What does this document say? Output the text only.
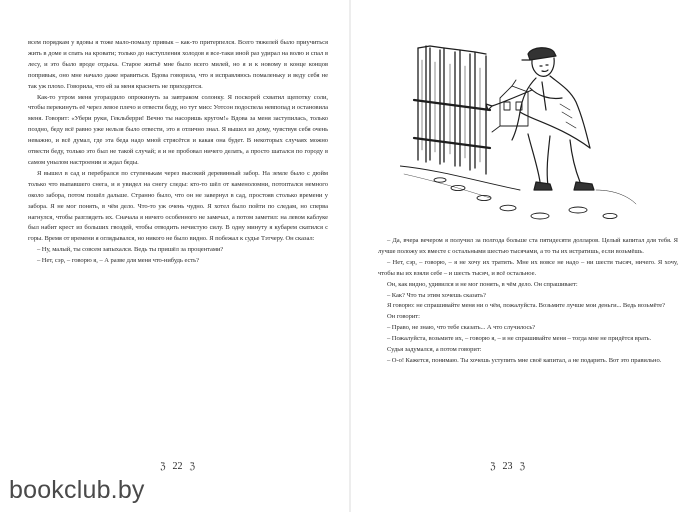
всем порядкам у вдовы я тоже мало-помалу привык – как-то притерпелся. Всего тяжелей было приучиться жить в доме и спать на кровати; только до наступления холодов я все-таки иной раз удирал на волю и спал в лесу, и это было вроде отдыха. Старое житьё мне было всего милей, но я и к новому в конце концов попривык, оно мне начало даже нравиться. Вдова говорила, что я исправляюсь помаленьку и веду себя не так уж плохо. Говорила, что ей за меня краснеть не приходится.

Как-то утром меня угораздило опрокинуть за завтраком солонку. Я поскорей схватил щепотку соли, чтобы перекинуть её через левое плечо и отвести беду, но тут мисс Уотсон подоспела невпопад и остановила меня. Говорит: «Убери руки, Гекльберри! Вечно ты насоришь кругом!» Вдова за меня заступилась, только поздно, беду всё равно уже нельзя было отвести, это я отлично знал. Я вышел из дому, чувствуя себя очень неважно, и всё думал, где эта беда надо мной стрясётся и какая она будет. В некоторых случаях можно отвести беду, только это был не такой случай; я и не пробовал ничего делать, а просто шатался по городу в самом унылом настроении и ждал беды.

Я вышел в сад и перебрался по ступенькам через высокий деревянный забор. На земле было с дюйм только что выпавшего снега, и я увидел на снегу следы: кто-то шёл от каменоломни, потоптался немного около забора, потом пошёл дальше. Странно было, что он не завернул в сад, простояв столько времени у забора. Я не мог понять, в чём дело. Что-то уж очень чудно. Я хотел было пойти по следам, но сперва нагнулся, чтобы разглядеть их. Сначала я ничего особенного не замечал, а потом заметил: на левом каблуке был набит крест из больших гвоздей, чтобы отводить нечистую силу. В одну минуту я кубарем скатился с горы. Время от времени я оглядывался, но никого не было видно. Я побежал к судье Тэтчеру. Он сказал:

– Ну, малый, ты совсем запыхался. Ведь ты пришёл за процентами?

– Нет, сэр, – говорю я, – А разве для меня что-нибудь есть?

– Да, вчера вечером я получил за полгода больше ста пятидесяти долларов. Целый капитал для тебя. Я лучше положу их вместе с остальными шестью тысячами, а то ты их истратишь, если возьмёшь.

– Нет, сэр, – говорю, – я не хочу их тратить. Мне их вовсе не надо – ни шести тысяч, ничего. Я хочу, чтобы вы их взяли себе – и шесть тысяч, и всё остальное.

Он, как видно, удивился и не мог понять, в чём дело. Он спрашивает:

– Как? Что ты этим хочешь сказать?

Я говорю: не спрашивайте меня ни о чём, пожалуйста. Возьмите лучше мои деньги... Ведь возьмёте?

Он говорит:

– Право, не знаю, что тебе сказать... А что случилось?

– Пожалуйста, возьмите их, – говорю я, – и не спрашивайте меня – тогда мне не придётся врать.

Судья задумался, а потом говорит:

– О-о! Кажется, понимаю. Ты хочешь уступить мне своё капитал, а не подарить. Вот это правильно.

ℨ 22 ℨ	ℨ 23 ℨ
bookclub.by
